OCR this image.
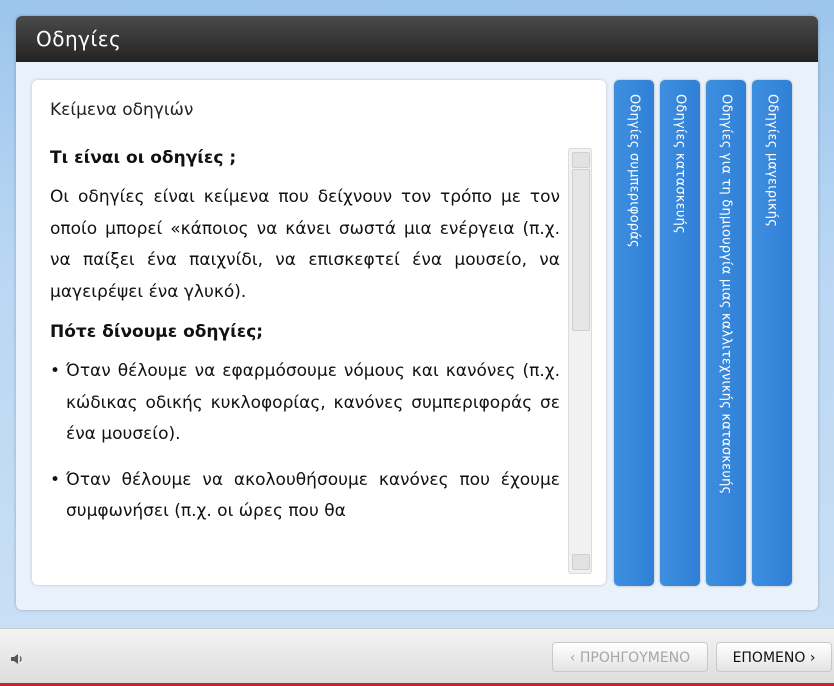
Οδηγίες
Κείμενα οδηγιών
Τι είναι οι οδηγίες ;
Οι οδηγίες είναι κείμενα που δείχνουν τον τρόπο με τον οποίο μπορεί «κάποιος να κάνει σωστά μια ενέργεια (π.χ. να παίξει ένα παιχνίδι, να επισκεφτεί ένα μουσείο, να μαγειρέψει ένα γλυκό).
Πότε δίνουμε οδηγίες;
• Όταν θέλουμε να εφαρμόσουμε νόμους και κανόνες (π.χ. κώδικας οδικής κυκλοφορίας, κανόνες συμπεριφοράς σε ένα μουσείο).
• Όταν θέλουμε να ακολουθήσουμε κανόνες που έχουμε συμφωνήσει (π.χ. οι ώρες που θα
Οδηγίες συμπεριφοράς Οδηγίες κατασκευής Οδηγίες για τη δημιουργία μιας καλλιτεχνικής κατασκευής Οδηγίες μαγειρικής
‹ ΠΡΟΗΓΟΥΜΕΝΟ	ΕΠΟΜΕΝΟ ›
